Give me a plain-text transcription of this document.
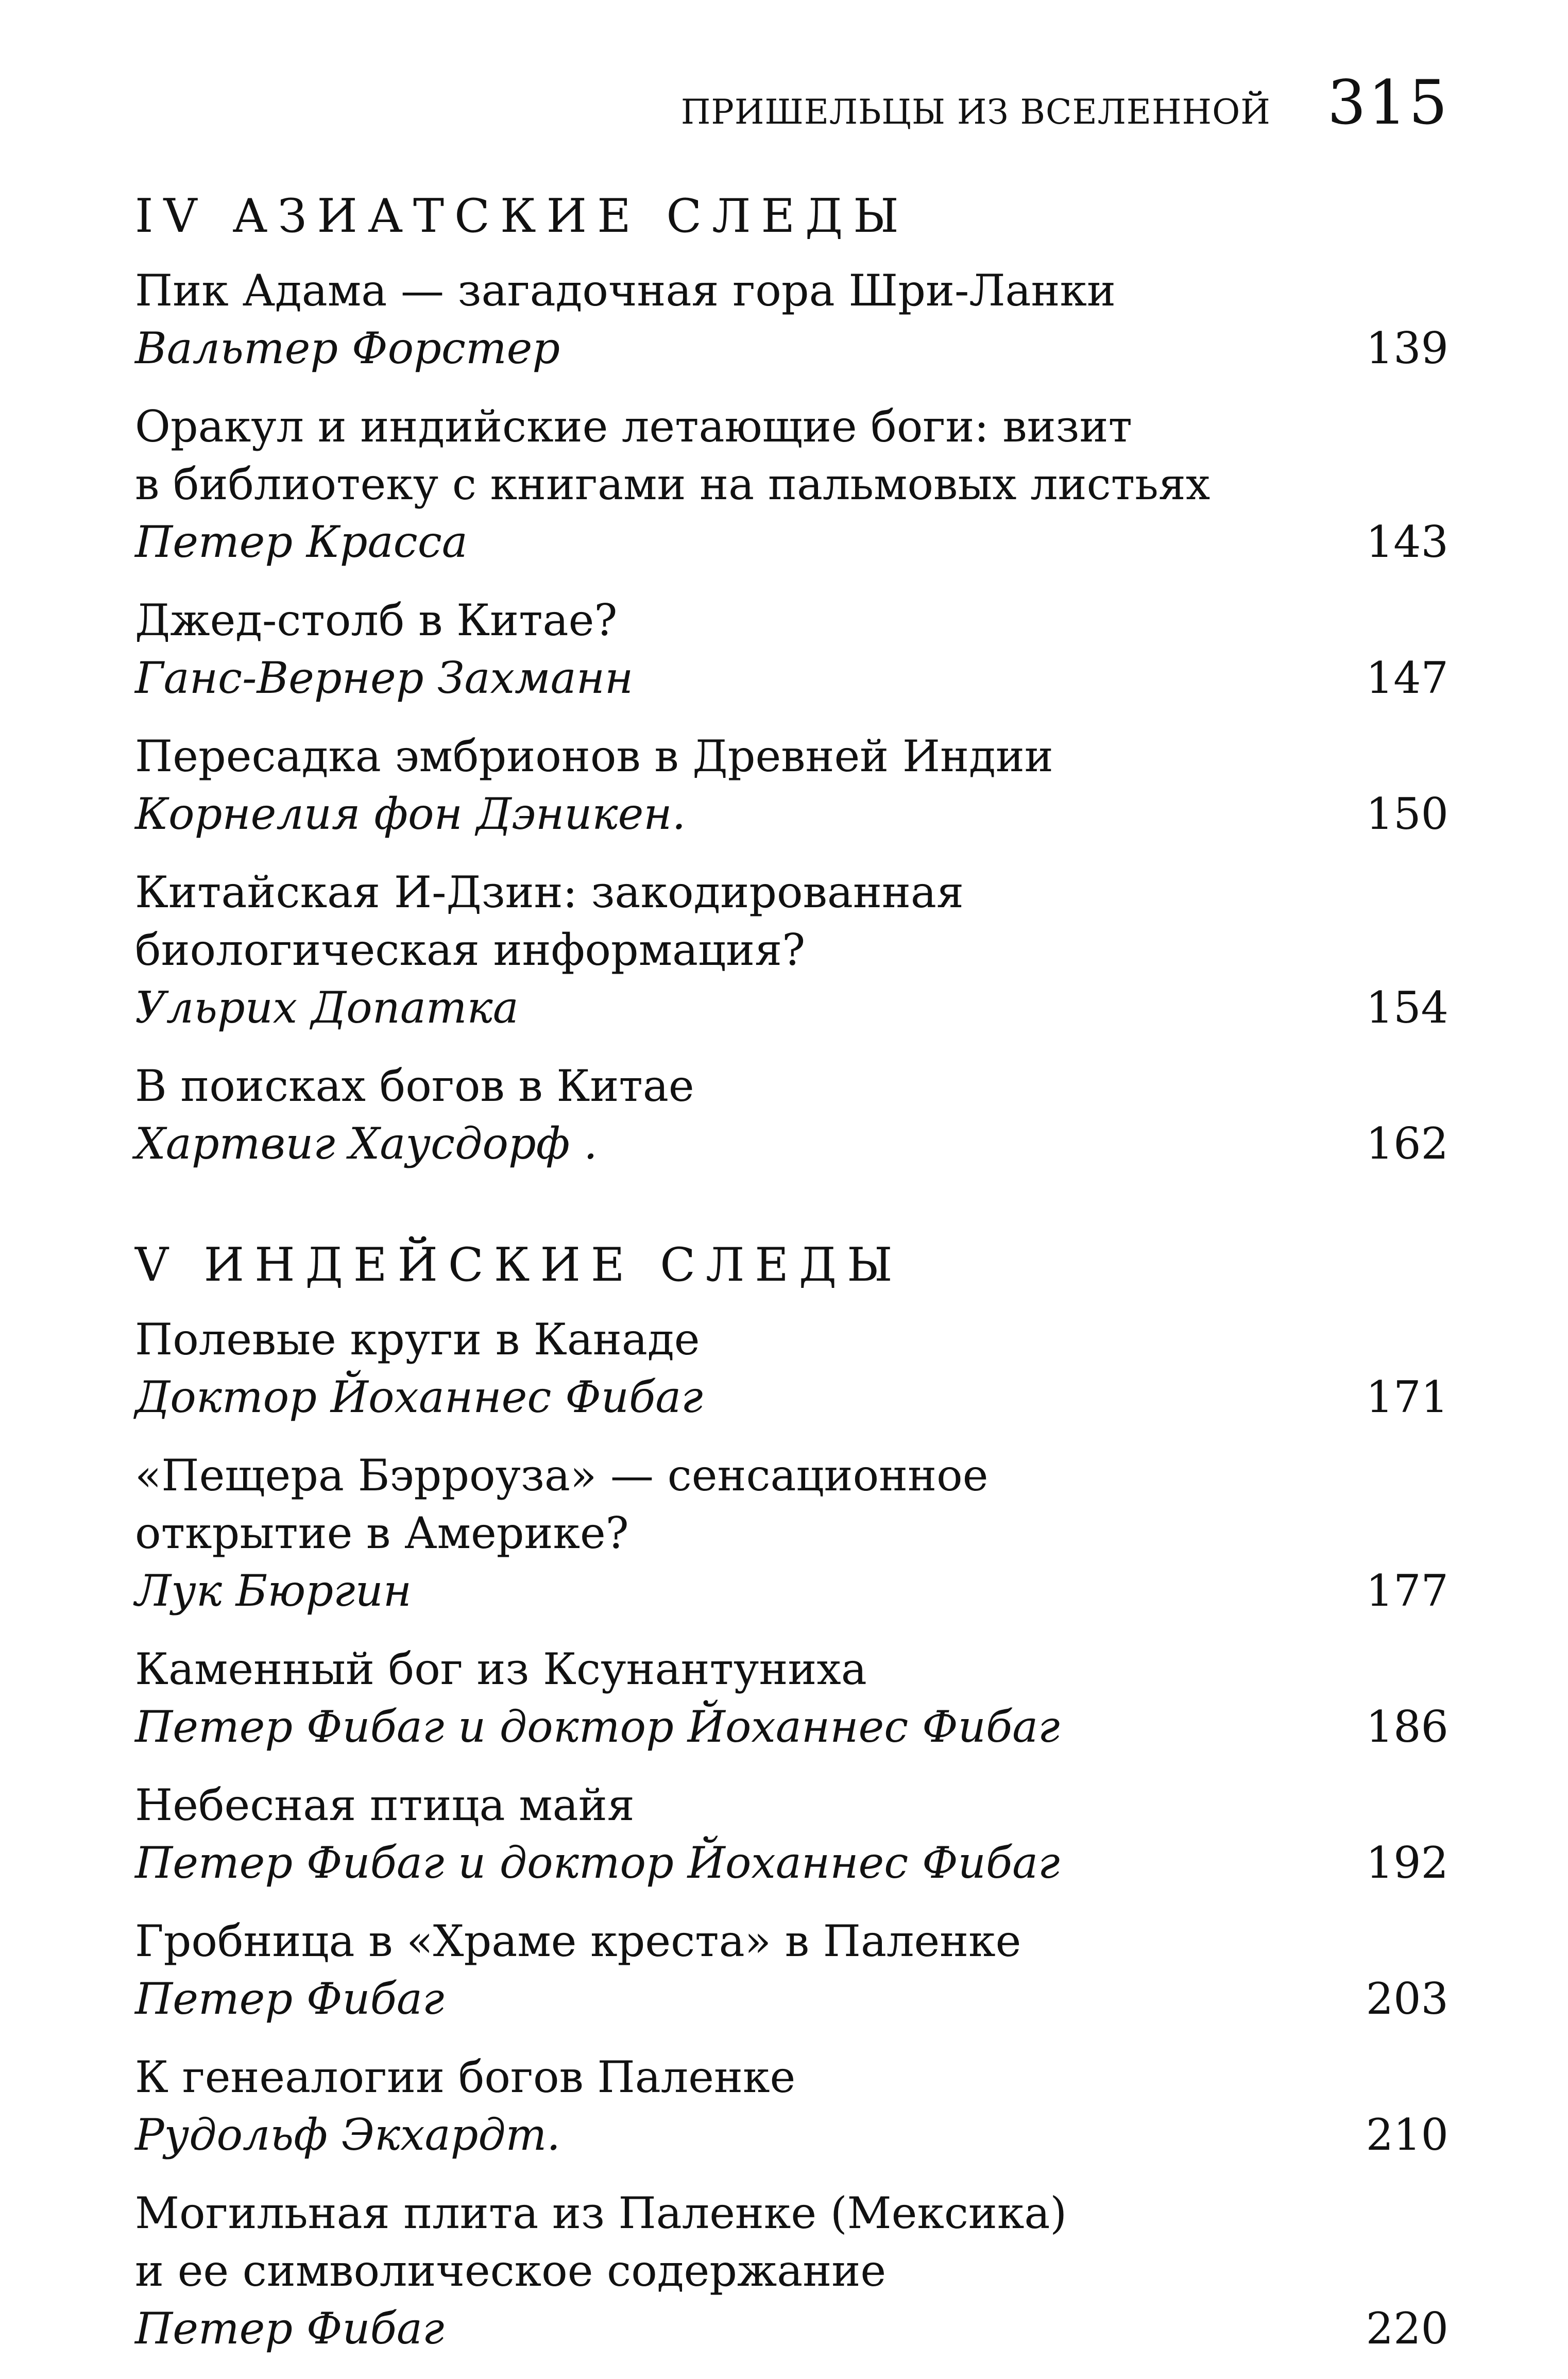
ПРИШЕЛЬЦЫ ИЗ ВСЕЛЕННОЙ 315
IV АЗИАТСКИЕ СЛЕДЫ
Пик Адама — загадочная гора Шри-Ланки
Вальтер Форстер	139
Оракул и индийские летающие боги: визит
в библиотеку с книгами на пальмовых листьях
Петер Красса	143
Джед-столб в Китае?
Ганс-Вернер Захманн	147
Пересадка эмбрионов в Древней Индии
Корнелия фон Дэникен.	150
Китайская И-Дзин: закодированная
биологическая информация?
Ульрих Допатка	154
В поисках богов в Китае
Хартвиг Хаусдорф .	162
V ИНДЕЙСКИЕ СЛЕДЫ
Полевые круги в Канаде
Доктор Йоханнес Фибаг	171
«Пещера Бэрроуза» — сенсационное
открытие в Америке?
Лук Бюргин	177
Каменный бог из Ксунантуниха
Петер Фибаг и доктор Йоханнес Фибаг	186
Небесная птица майя
Петер Фибаг и доктор Йоханнес Фибаг	192
Гробница в «Храме креста» в Паленке
Петер Фибаг	203
К генеалогии богов Паленке
Рудольф Экхардт.	210
Могильная плита из Паленке (Мексика)
и ее символическое содержание
Петер Фибаг	220
